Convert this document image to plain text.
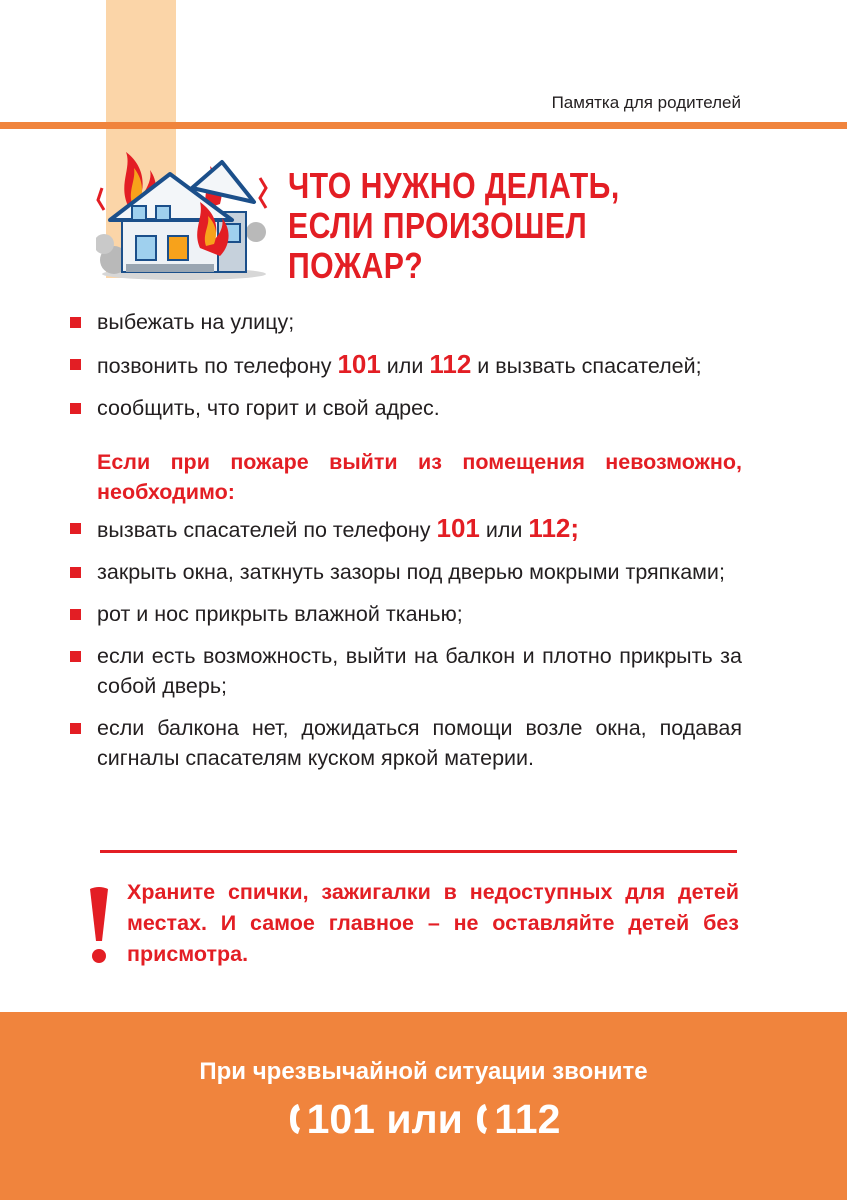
Памятка для родителей
ЧТО НУЖНО ДЕЛАТЬ,
ЕСЛИ ПРОИЗОШЕЛ ПОЖАР?
выбежать на улицу;
позвонить по телефону 101 или 112 и вызвать спасателей;
сообщить, что горит и свой адрес.
Если при пожаре выйти из помещения невозможно, необходимо:
вызвать спасателей по телефону 101 или 112;
закрыть окна, заткнуть зазоры под дверью мокрыми тряпками;
рот и нос прикрыть влажной тканью;
если есть возможность, выйти на балкон и плотно прикрыть за собой дверь;
если балкона нет, дожидаться помощи возле окна, подавая сигналы спасателям куском яркой материи.
Храните спички, зажигалки в недоступных для детей местах. И самое главное – не оставляйте детей без присмотра.
При чрезвычайной ситуации звоните
101 или 112
